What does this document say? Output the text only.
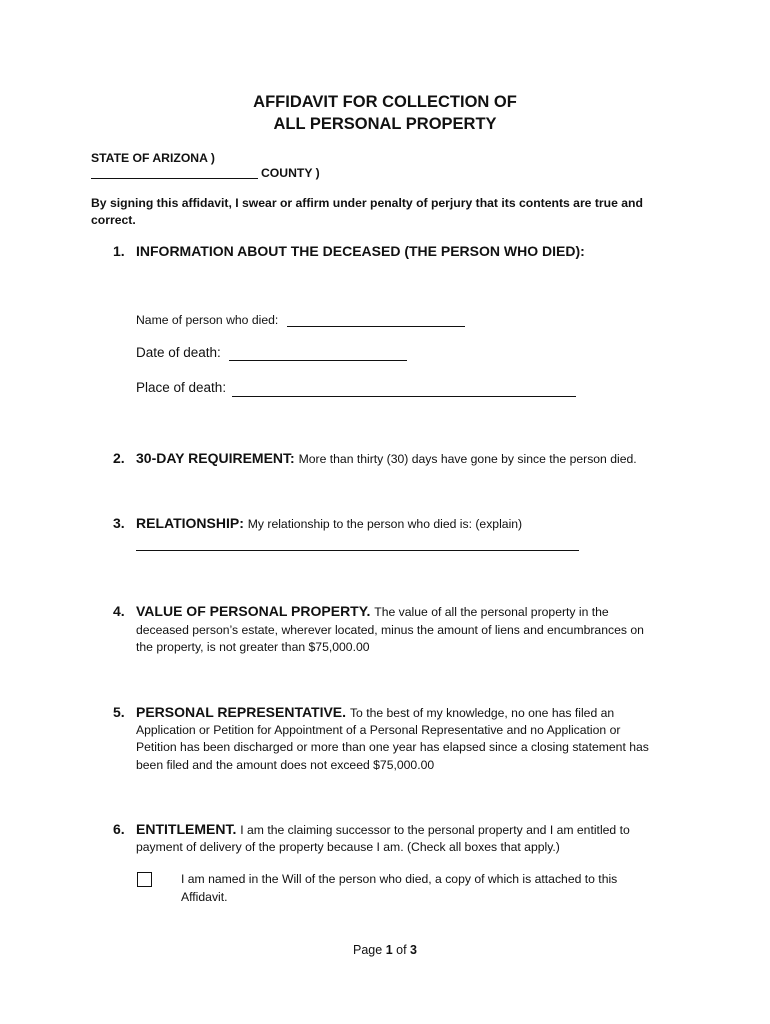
AFFIDAVIT FOR COLLECTION OF
ALL PERSONAL PROPERTY
STATE OF ARIZONA )
COUNTY )
By signing this affidavit, I swear or affirm under penalty of perjury that its contents are true and
correct.
1. INFORMATION ABOUT THE DECEASED (THE PERSON WHO DIED):
Name of person who died:
Date of death:
Place of death:
2. 30-DAY REQUIREMENT: More than thirty (30) days have gone by since the person died.
3. RELATIONSHIP: My relationship to the person who died is: (explain)
4. VALUE OF PERSONAL PROPERTY. The value of all the personal property in the
deceased person’s estate, wherever located, minus the amount of liens and encumbrances on
the property, is not greater than $75,000.00
5. PERSONAL REPRESENTATIVE. To the best of my knowledge, no one has filed an
Application or Petition for Appointment of a Personal Representative and no Application or
Petition has been discharged or more than one year has elapsed since a closing statement has
been filed and the amount does not exceed $75,000.00
6. ENTITLEMENT. I am the claiming successor to the personal property and I am entitled to
payment of delivery of the property because I am. (Check all boxes that apply.)
I am named in the Will of the person who died, a copy of which is attached to this
Affidavit.
Page 1 of 3
